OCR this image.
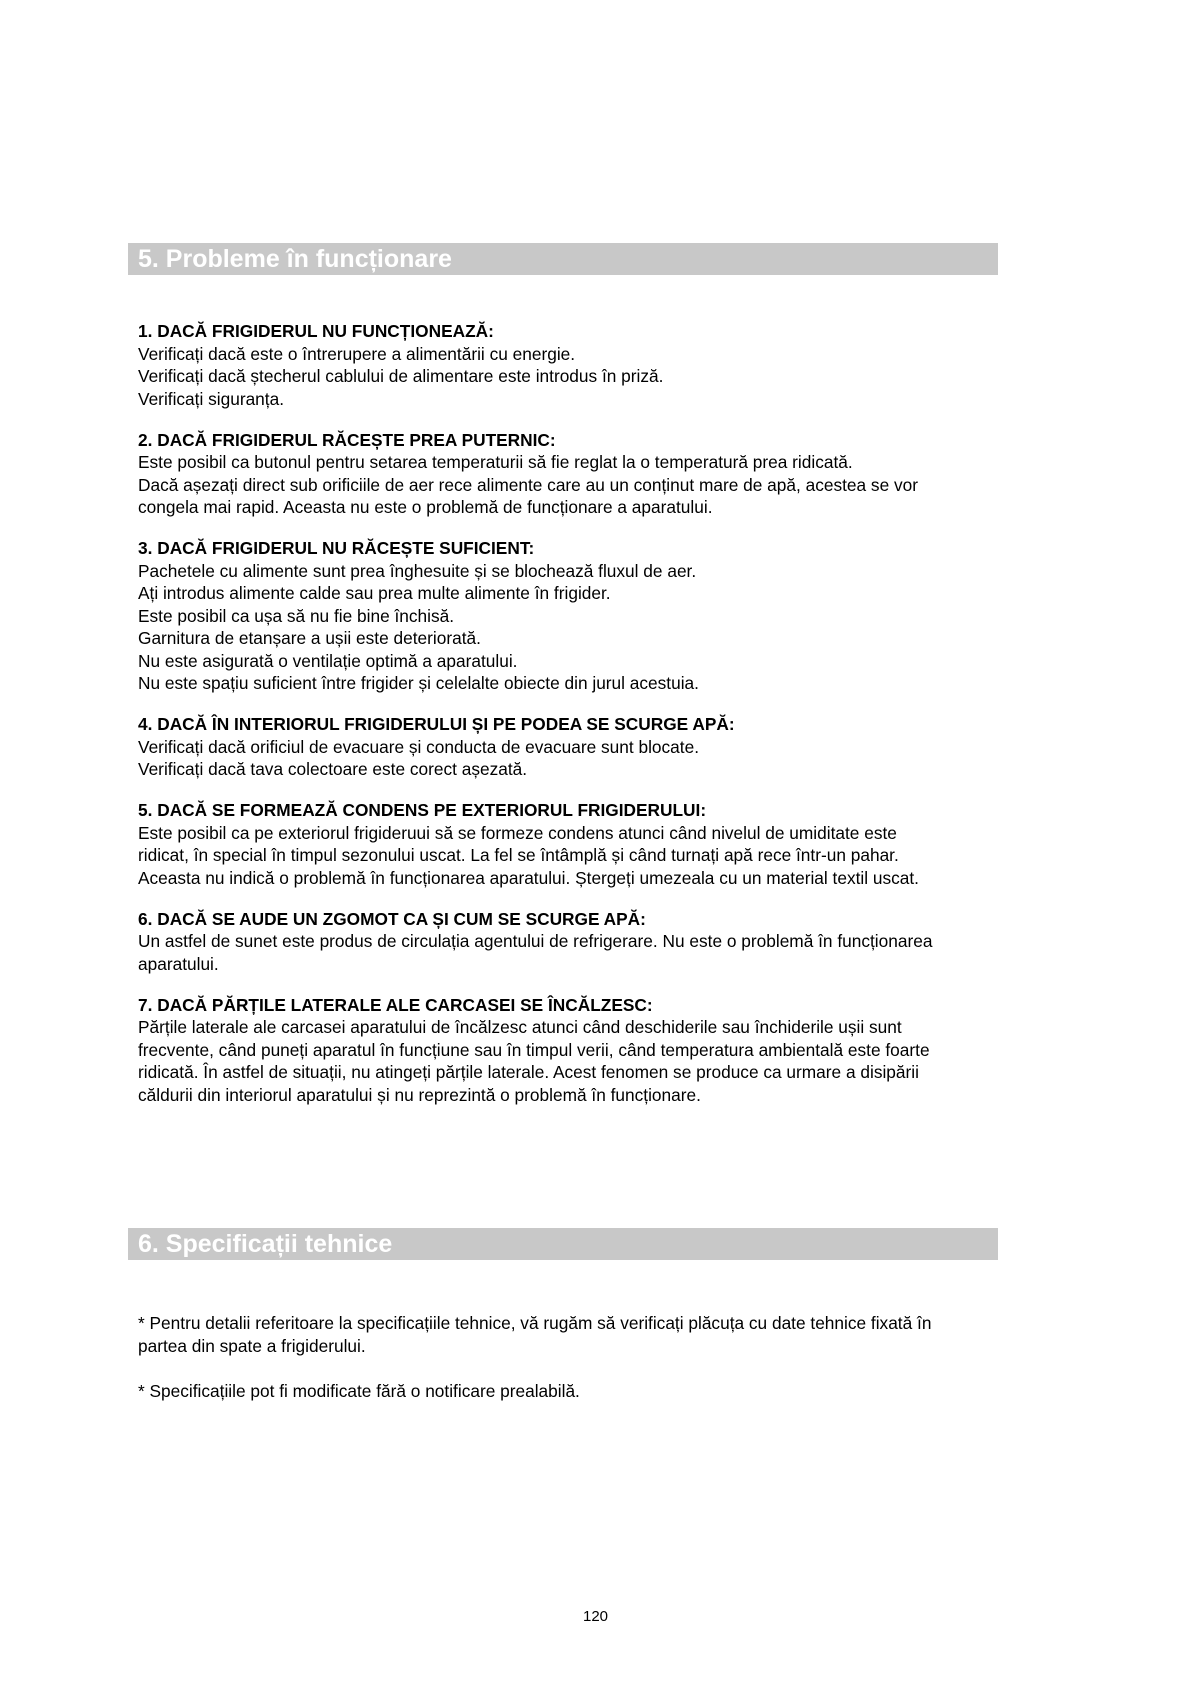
5. Probleme în funcționare

1. DACĂ FRIGIDERUL NU FUNCȚIONEAZĂ:

Verificați dacă este o întrerupere a alimentării cu energie.

Verificați dacă ștecherul cablului de alimentare este introdus în priză.

Verificați siguranța.

2. DACĂ FRIGIDERUL RĂCEȘTE PREA PUTERNIC:

Este posibil ca butonul pentru setarea temperaturii să fie reglat la o temperatură prea ridicată.

Dacă așezați direct sub orificiile de aer rece alimente care au un conținut mare de apă, acestea se vor

congela mai rapid. Aceasta nu este o problemă de funcționare a aparatului.

3. DACĂ FRIGIDERUL NU RĂCEȘTE SUFICIENT:

Pachetele cu alimente sunt prea înghesuite și se blochează fluxul de aer.

Ați introdus alimente calde sau prea multe alimente în frigider.

Este posibil ca ușa să nu fie bine închisă.

Garnitura de etanșare a ușii este deteriorată.

Nu este asigurată o ventilație optimă a aparatului.

Nu este spațiu suficient între frigider și celelalte obiecte din jurul acestuia.

4. DACĂ ÎN INTERIORUL FRIGIDERULUI ȘI PE PODEA SE SCURGE APĂ:

Verificați dacă orificiul de evacuare și conducta de evacuare sunt blocate.

Verificați dacă tava colectoare este corect așezată.

5. DACĂ SE FORMEAZĂ CONDENS PE EXTERIORUL FRIGIDERULUI:

Este posibil ca pe exteriorul frigideruui să se formeze condens atunci când nivelul de umiditate este

ridicat, în special în timpul sezonului uscat. La fel se întâmplă și când turnați apă rece într-un pahar.

Aceasta nu indică o problemă în funcționarea aparatului. Ștergeți umezeala cu un material textil uscat.

6. DACĂ SE AUDE UN ZGOMOT CA ȘI CUM SE SCURGE APĂ:

Un astfel de sunet este produs de circulația agentului de refrigerare. Nu este o problemă în funcționarea

aparatului.

7. DACĂ PĂRȚILE LATERALE ALE CARCASEI SE ÎNCĂLZESC:

Părțile laterale ale carcasei aparatului de încălzesc atunci când deschiderile sau închiderile ușii sunt

frecvente, când puneți aparatul în funcțiune sau în timpul verii, când temperatura ambientală este foarte

ridicată. În astfel de situații, nu atingeți părțile laterale. Acest fenomen se produce ca urmare a disipării

căldurii din interiorul aparatului și nu reprezintă o problemă în funcționare.

6. Specificații tehnice

* Pentru detalii referitoare la specificațiile tehnice, vă rugăm să verificați plăcuța cu date tehnice fixată în

partea din spate a frigiderului.

* Specificațiile pot fi modificate fără o notificare prealabilă.

120
